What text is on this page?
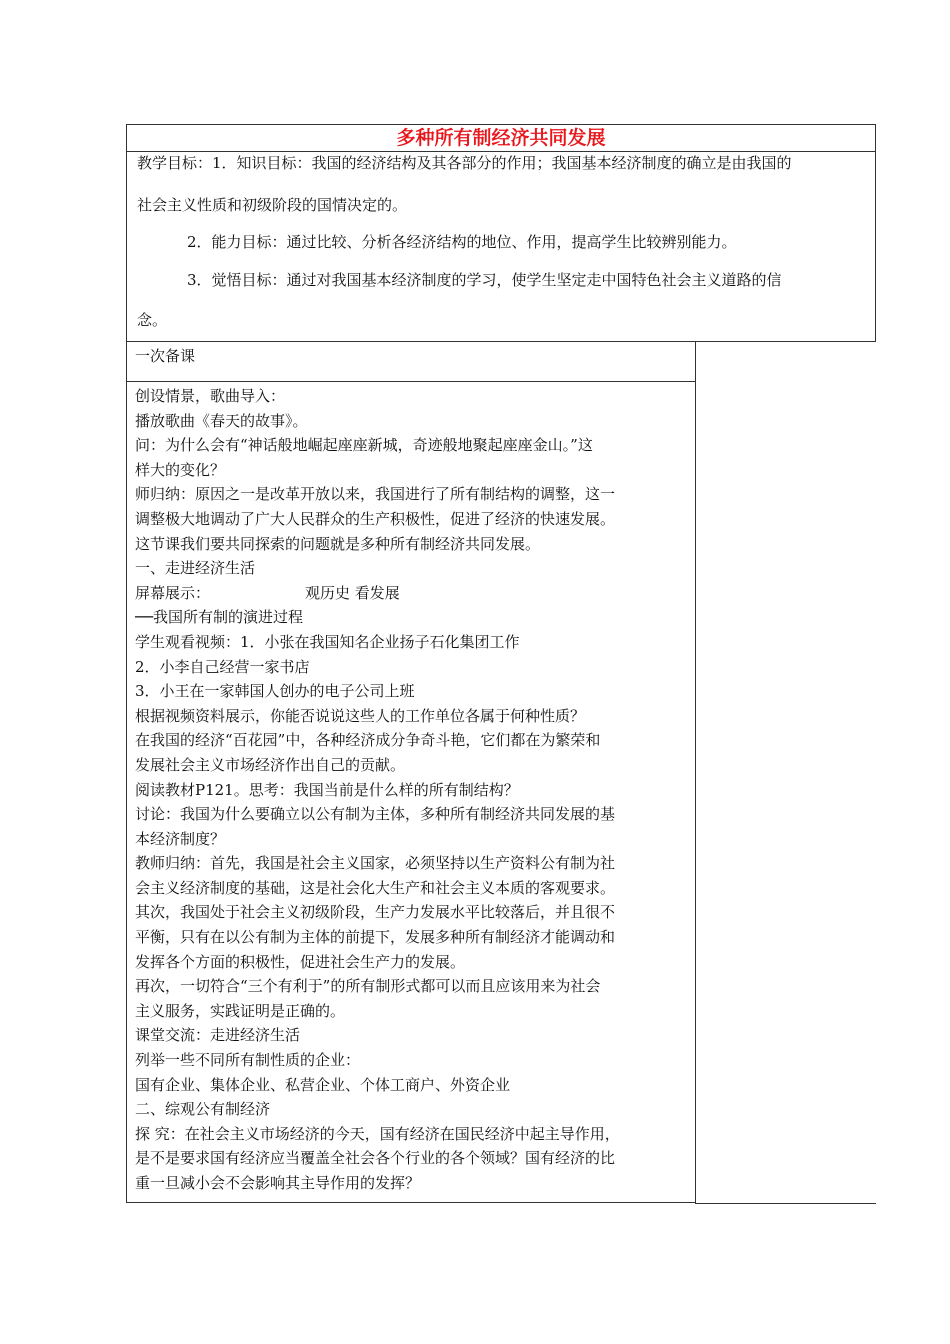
多种所有制经济共同发展
教学目标：1．知识目标：我国的经济结构及其各部分的作用；我国基本经济制度的确立是由我国的
社会主义性质和初级阶段的国情决定的。
2．能力目标：通过比较、分析各经济结构的地位、作用，提高学生比较辨别能力。
3．觉悟目标：通过对我国基本经济制度的学习，使学生坚定走中国特色社会主义道路的信
念。
一次备课
创设情景，歌曲导入：
播放歌曲《春天的故事》。
问：为什么会有“神话般地崛起座座新城，奇迹般地聚起座座金山。”这
样大的变化？
师归纳：原因之一是改革开放以来，我国进行了所有制结构的调整，这一
调整极大地调动了广大人民群众的生产积极性，促进了经济的快速发展。
这节课我们要共同探索的问题就是多种所有制经济共同发展。
一、走进经济生活
屏幕展示：	观历史 看发展
──我国所有制的演进过程
学生观看视频：1．小张在我国知名企业扬子石化集团工作
2．小李自己经营一家书店
3．小王在一家韩国人创办的电子公司上班
根据视频资料展示，你能否说说这些人的工作单位各属于何种性质？
在我国的经济“百花园”中，各种经济成分争奇斗艳，它们都在为繁荣和
发展社会主义市场经济作出自己的贡献。
阅读教材P121。思考：我国当前是什么样的所有制结构？
讨论：我国为什么要确立以公有制为主体，多种所有制经济共同发展的基
本经济制度？
教师归纳：首先，我国是社会主义国家，必须坚持以生产资料公有制为社
会主义经济制度的基础，这是社会化大生产和社会主义本质的客观要求。
其次，我国处于社会主义初级阶段，生产力发展水平比较落后，并且很不
平衡，只有在以公有制为主体的前提下，发展多种所有制经济才能调动和
发挥各个方面的积极性，促进社会生产力的发展。
再次，一切符合“三个有利于”的所有制形式都可以而且应该用来为社会
主义服务，实践证明是正确的。
课堂交流：走进经济生活
列举一些不同所有制性质的企业：
国有企业、集体企业、私营企业、个体工商户、外资企业
二、综观公有制经济
探 究：在社会主义市场经济的今天，国有经济在国民经济中起主导作用，
是不是要求国有经济应当覆盖全社会各个行业的各个领域？国有经济的比
重一旦减小会不会影响其主导作用的发挥？
